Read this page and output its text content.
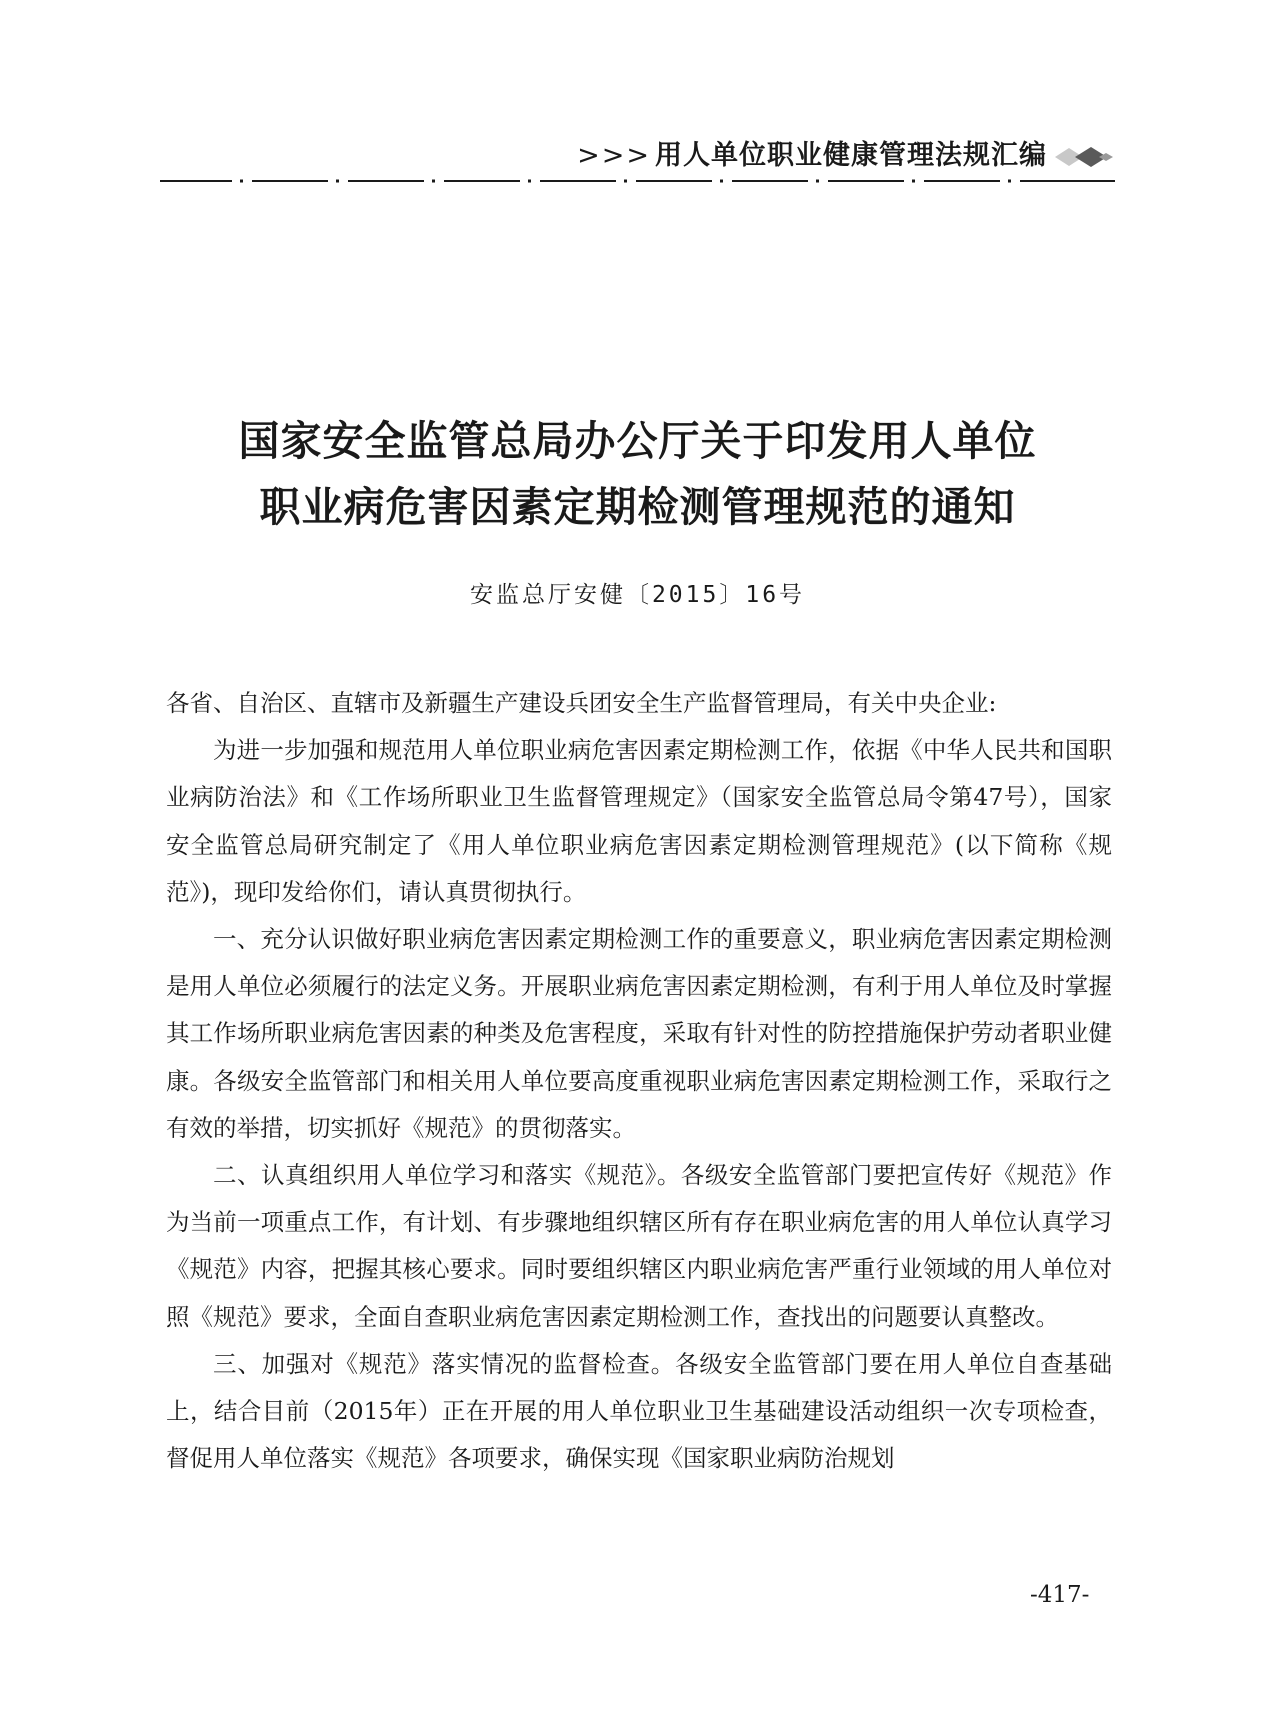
>>> 用人单位职业健康管理法规汇编
国家安全监管总局办公厅关于印发用人单位
职业病危害因素定期检测管理规范的通知
安监总厅安健〔2015〕16号

各省、自治区、直辖市及新疆生产建设兵团安全生产监督管理局，有关中央企业:

为进一步加强和规范用人单位职业病危害因素定期检测工作，依据《中华人民共和国职业病防治法》和《工作场所职业卫生监督管理规定》（国家安全监管总局令第47号），国家安全监管总局研究制定了《用人单位职业病危害因素定期检测管理规范》(以下简称《规范》)，现印发给你们，请认真贯彻执行。

一、充分认识做好职业病危害因素定期检测工作的重要意义，职业病危害因素定期检测是用人单位必须履行的法定义务。开展职业病危害因素定期检测，有利于用人单位及时掌握其工作场所职业病危害因素的种类及危害程度，采取有针对性的防控措施保护劳动者职业健康。各级安全监管部门和相关用人单位要高度重视职业病危害因素定期检测工作，采取行之有效的举措，切实抓好《规范》的贯彻落实。

二、认真组织用人单位学习和落实《规范》。各级安全监管部门要把宣传好《规范》作为当前一项重点工作，有计划、有步骤地组织辖区所有存在职业病危害的用人单位认真学习《规范》内容，把握其核心要求。同时要组织辖区内职业病危害严重行业领域的用人单位对照《规范》要求，全面自查职业病危害因素定期检测工作，查找出的问题要认真整改。

三、加强对《规范》落实情况的监督检查。各级安全监管部门要在用人单位自查基础上，结合目前（2015年）正在开展的用人单位职业卫生基础建设活动组织一次专项检查，督促用人单位落实《规范》各项要求，确保实现《国家职业病防治规划

-417-
